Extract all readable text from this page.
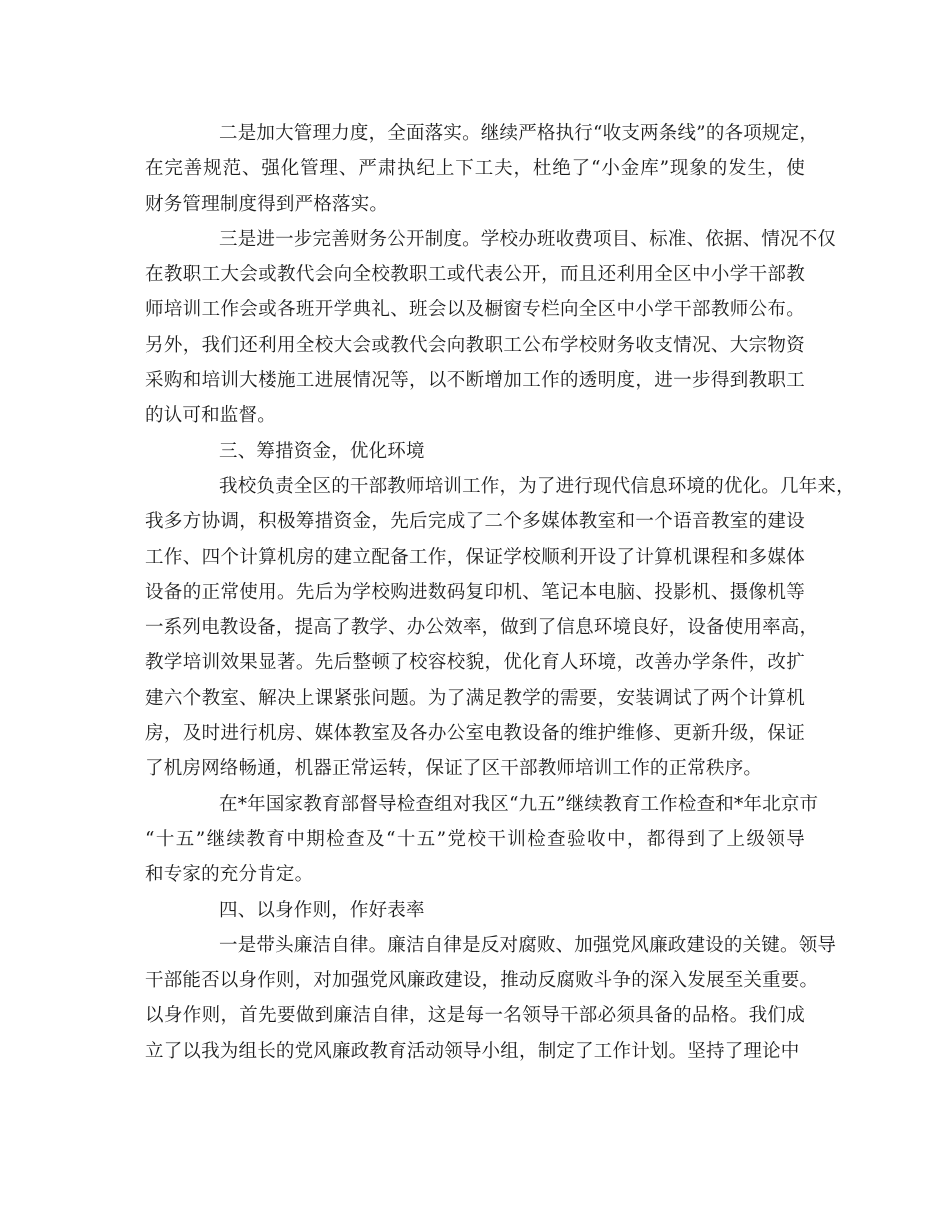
二是加大管理力度，全面落实。继续严格执行“收支两条线”的各项规定，
在完善规范、强化管理、严肃执纪上下工夫，杜绝了“小金库”现象的发生，使
财务管理制度得到严格落实。
三是进一步完善财务公开制度。学校办班收费项目、标准、依据、情况不仅
在教职工大会或教代会向全校教职工或代表公开，而且还利用全区中小学干部教
师培训工作会或各班开学典礼、班会以及橱窗专栏向全区中小学干部教师公布。
另外，我们还利用全校大会或教代会向教职工公布学校财务收支情况、大宗物资
采购和培训大楼施工进展情况等，以不断增加工作的透明度，进一步得到教职工
的认可和监督。
三、筹措资金，优化环境
我校负责全区的干部教师培训工作，为了进行现代信息环境的优化。几年来，
我多方协调，积极筹措资金，先后完成了二个多媒体教室和一个语音教室的建设
工作、四个计算机房的建立配备工作，保证学校顺利开设了计算机课程和多媒体
设备的正常使用。先后为学校购进数码复印机、笔记本电脑、投影机、摄像机等
一系列电教设备，提高了教学、办公效率，做到了信息环境良好，设备使用率高，
教学培训效果显著。先后整顿了校容校貌，优化育人环境，改善办学条件，改扩
建六个教室、解决上课紧张问题。为了满足教学的需要，安装调试了两个计算机
房，及时进行机房、媒体教室及各办公室电教设备的维护维修、更新升级，保证
了机房网络畅通，机器正常运转，保证了区干部教师培训工作的正常秩序。
在*年国家教育部督导检查组对我区“九五”继续教育工作检查和*年北京市
“十五”继续教育中期检查及“十五”党校干训检查验收中，都得到了上级领导
和专家的充分肯定。
四、以身作则，作好表率
一是带头廉洁自律。廉洁自律是反对腐败、加强党风廉政建设的关键。领导
干部能否以身作则，对加强党风廉政建设，推动反腐败斗争的深入发展至关重要。
以身作则，首先要做到廉洁自律，这是每一名领导干部必须具备的品格。我们成
立了以我为组长的党风廉政教育活动领导小组，制定了工作计划。坚持了理论中
